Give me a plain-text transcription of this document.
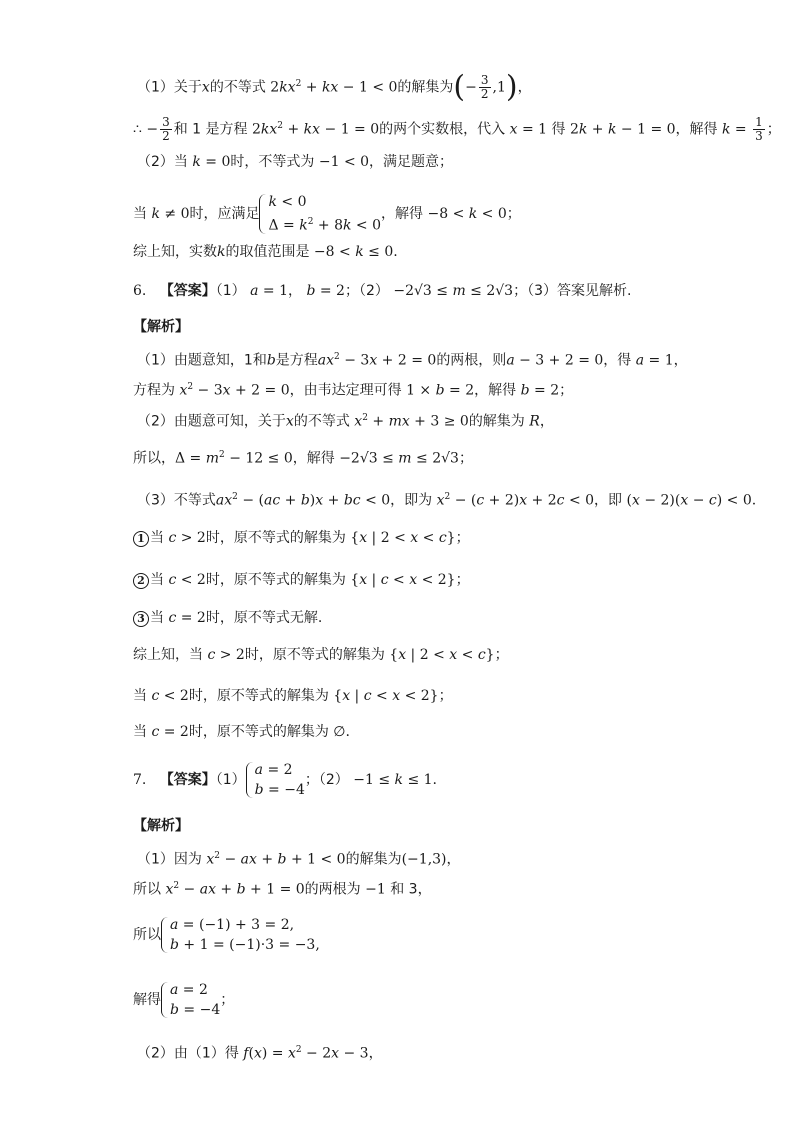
（1）关于x的不等式 $2kx^2$ + kx − 1 < 0的解集为(− $\frac{3}{2} ,1$)，
∴ − $\frac{3}{2}$ 和 1 是方程 $2kx^2$ + kx − 1 = 0的两个实数根，代入 x = 1 得 2k + k − 1 = 0，解得 $k = \frac{1}{3}$ ；
（2）当 k = 0时，不等式为 −1 < 0，满足题意；
当 k ≠ 0时，应满足
k < 0
$\Delta = k^2 + 8k < 0$
，解得 −8 < k < 0；
综上知，实数k的取值范围是 −8 < k ≤ 0.
6.   【答案】（1） a = 1， b = 2；（2） −2√3 ≤ m ≤ 2√3；（3）答案见解析.
【解析】
（1）由题意知，1和b是方程$ax^2 - 3x + 2 = 0$的两根，则a − 3 + 2 = 0，得 a = 1，
方程为 $x^2 - 3x + 2 = 0$，由韦达定理可得 1 × b = 2，解得 b = 2；
（2）由题意可知，关于x的不等式 $x^2$ + mx + 3 ≥ 0的解集为 R，
所以，$\Delta = m^2 - 12 \le 0$，解得 −2√3 ≤ m ≤ 2√3；
（3）不等式$ax^2 - (ac + b)x$ + bc < 0，即为 $x^2 - (c + 2)x + 2c < 0$，即 (x − 2)(x − c) < 0.
1 当 c > 2时，原不等式的解集为 {x | 2 < x < c}；
2 当 c < 2时，原不等式的解集为 {x | c < x < 2}；
3 当 c = 2时，原不等式无解.
综上知，当 c > 2时，原不等式的解集为 {x | 2 < x < c}；
当 c < 2时，原不等式的解集为 {x | c < x < 2}；
当 c = 2时，原不等式的解集为 ∅.
7.   【答案】（1）
a = 2
b = −4
；（2） −1 ≤ k ≤ 1.
【解析】
（1）因为 $x^2$ − ax + b + 1 < 0的解集为(−1,3)，
所以 $x^2$ − ax + b + 1 = 0的两根为 −1 和 3，
所以
a = (−1) + 3 = 2,
b + 1 = (−1)·3 = −3,
解得
a = 2
b = −4
；
（2）由（1）得 $f(x) = x^2 - 2x - 3$，
